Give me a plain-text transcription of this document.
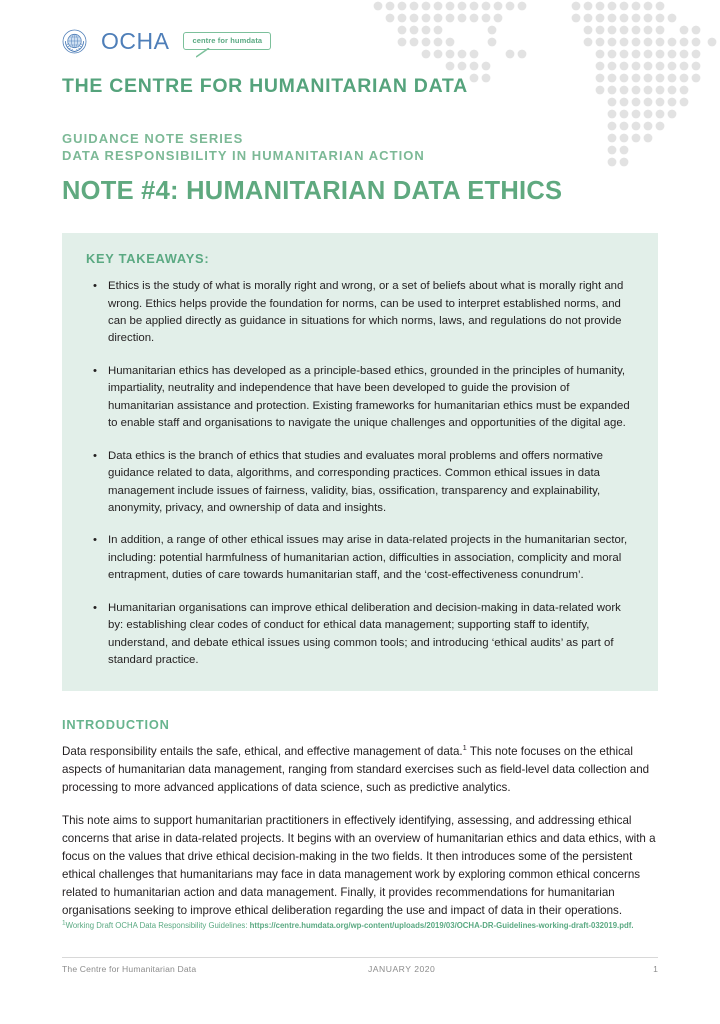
OCHA	centre for humdata
THE CENTRE FOR HUMANITARIAN DATA
GUIDANCE NOTE SERIES
DATA RESPONSIBILITY IN HUMANITARIAN ACTION
NOTE #4: HUMANITARIAN DATA ETHICS
KEY TAKEAWAYS:
• Ethics is the study of what is morally right and wrong, or a set of beliefs about what is morally right and wrong. Ethics helps provide the foundation for norms, can be used to interpret established norms, and can be applied directly as guidance in situations for which norms, laws, and regulations do not provide direction.
• Humanitarian ethics has developed as a principle-based ethics, grounded in the principles of humanity, impartiality, neutrality and independence that have been developed to guide the provision of humanitarian assistance and protection. Existing frameworks for humanitarian ethics must be expanded to enable staff and organisations to navigate the unique challenges and opportunities of the digital age.
• Data ethics is the branch of ethics that studies and evaluates moral problems and offers normative guidance related to data, algorithms, and corresponding practices. Common ethical issues in data management include issues of fairness, validity, bias, ossification, transparency and explainability, anonymity, privacy, and ownership of data and insights.
• In addition, a range of other ethical issues may arise in data-related projects in the humanitarian sector, including: potential harmfulness of humanitarian action, difficulties in association, complicity and moral entrapment, duties of care towards humanitarian staff, and the ‘cost-effectiveness conundrum’.
• Humanitarian organisations can improve ethical deliberation and decision-making in data-related work by: establishing clear codes of conduct for ethical data management; supporting staff to identify, understand, and debate ethical issues using common tools; and introducing ‘ethical audits’ as part of standard practice.
INTRODUCTION

Data responsibility entails the safe, ethical, and effective management of data.$^1$ This note focuses on the ethical aspects of humanitarian data management, ranging from standard exercises such as field-level data collection and processing to more advanced applications of data science, such as predictive analytics.

This note aims to support humanitarian practitioners in effectively identifying, assessing, and addressing ethical concerns that arise in data-related projects. It begins with an overview of humanitarian ethics and data ethics, with a focus on the values that drive ethical decision-making in the two fields. It then introduces some of the persistent ethical challenges that humanitarians may face in data management work by exploring common ethical concerns related to humanitarian action and data management. Finally, it provides recommendations for humanitarian organisations seeking to improve ethical deliberation regarding the use and impact of data in their operations.

$^1$Working Draft OCHA Data Responsibility Guidelines: https://centre.humdata.org/wp-content/uploads/2019/03/OCHA-DR-Guidelines-working-draft-032019.pdf.
The Centre for Humanitarian Data	JANUARY 2020	1
